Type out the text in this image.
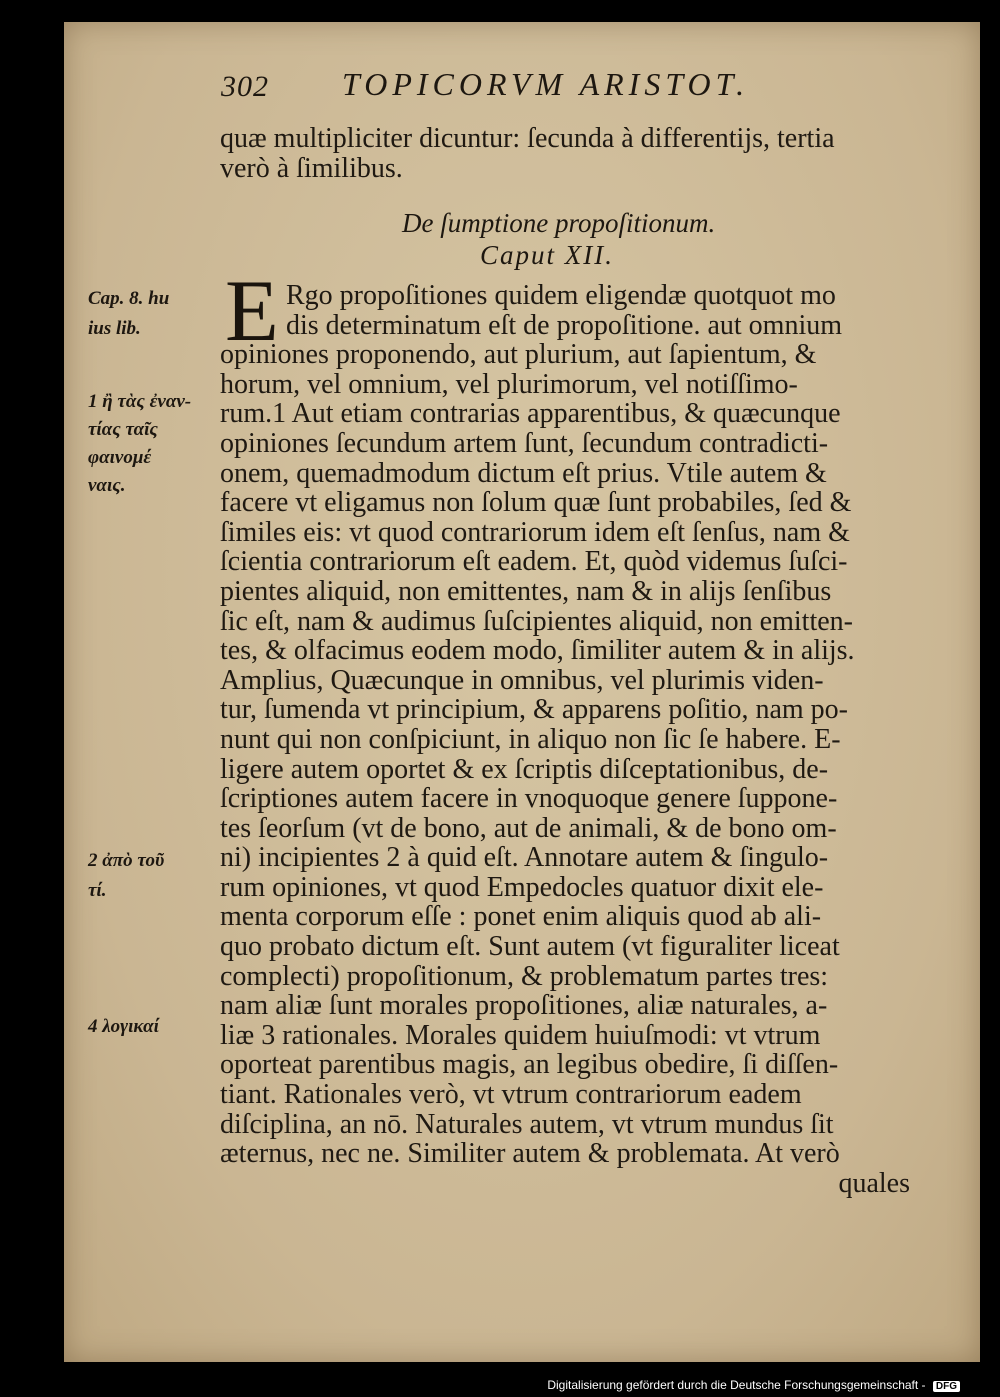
302 TOPICORVM ARISTOT.
quæ multipliciter dicuntur: ſecunda à differentijs, tertia
verò à ſimilibus.
De ſumptione propoſitionum.
Caput XII.
E Rgo propoſitiones quidem eligendæ quotquot mo
dis determinatum eſt de propoſitione. aut omnium
opiniones proponendo, aut plurium, aut ſapientum, &
horum, vel omnium, vel plurimorum, vel notiſſimo-
rum.1 Aut etiam contrarias apparentibus, & quæcunque
opiniones ſecundum artem ſunt, ſecundum contradicti-
onem, quemadmodum dictum eſt prius. Vtile autem &
facere vt eligamus non ſolum quæ ſunt probabiles, ſed &
ſimiles eis: vt quod contrariorum idem eſt ſenſus, nam &
ſcientia contrariorum eſt eadem. Et, quòd videmus ſuſci-
pientes aliquid, non emittentes, nam & in alijs ſenſibus
ſic eſt, nam & audimus ſuſcipientes aliquid, non emitten-
tes, & olfacimus eodem modo, ſimiliter autem & in alijs.
Amplius, Quæcunque in omnibus, vel plurimis viden-
tur, ſumenda vt principium, & apparens poſitio, nam po-
nunt qui non conſpiciunt, in aliquo non ſic ſe habere. E-
ligere autem oportet & ex ſcriptis diſceptationibus, de-
ſcriptiones autem facere in vnoquoque genere ſuppone-
tes ſeorſum (vt de bono, aut de animali, & de bono om-
ni) incipientes 2 à quid eſt. Annotare autem & ſingulo-
rum opiniones, vt quod Empedocles quatuor dixit ele-
menta corporum eſſe : ponet enim aliquis quod ab ali-
quo probato dictum eſt. Sunt autem (vt figuraliter liceat
complecti) propoſitionum, & problematum partes tres:
nam aliæ ſunt morales propoſitiones, aliæ naturales, a-
liæ 3 rationales. Morales quidem huiuſmodi: vt vtrum
oporteat parentibus magis, an legibus obedire, ſi diſſen-
tiant. Rationales verò, vt vtrum contrariorum eadem
diſciplina, an nō. Naturales autem, vt vtrum mundus ſit
æternus, nec ne. Similiter autem & problemata. At verò
quales
Cap. 8. hu
ius lib.
1 ἢ τὰς ἐναν-
τίας ταῖς
φαινομέ
ναις.
2 ἀπὸ τοῦ
τί.
4 λογικαί
Digitalisierung gefördert durch die Deutsche Forschungsgemeinschaft - DFG
